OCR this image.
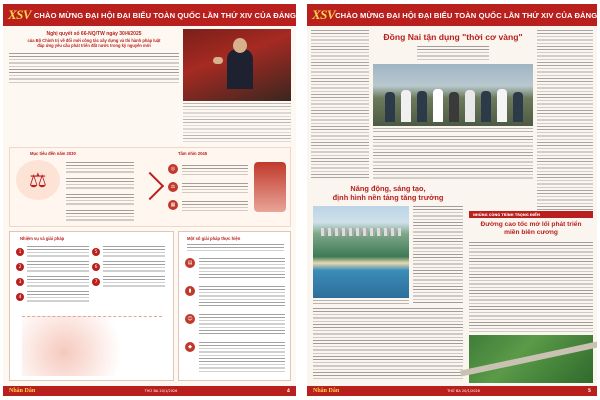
XSV CHÀO MỪNG ĐẠI HỘI ĐẠI BIỂU TOÀN QUỐC LẦN THỨ XIV CỦA ĐẢNG
Nghị quyết số 66-NQ/TW ngày 30/4/2025
của Bộ Chính trị về đổi mới công tác xây dựng và thi hành pháp luật
đáp ứng yêu cầu phát triển đất nước trong kỷ nguyên mới
Mục tiêu đến năm 2030	Tầm nhìn 2045
⚖	◎
⚖
▦
Nhiệm vụ và giải pháp
1	5
2	6
3	7
4
Một số giải pháp thực hiện
▤
▮
☺
◆
Nhân Dân	THỨ BA 20/1/2026	4
XSV CHÀO MỪNG ĐẠI HỘI ĐẠI BIỂU TOÀN QUỐC LẦN THỨ XIV CỦA ĐẢNG
Đồng Nai tận dụng "thời cơ vàng"
Năng động, sáng tạo,
định hình nền tảng tăng trưởng
NHỮNG CÔNG TRÌNH TRỌNG ĐIỂM
Đường cao tốc mở lối phát triển
miền biên cương
Nhân Dân	THỨ BA 20/1/2026	5
